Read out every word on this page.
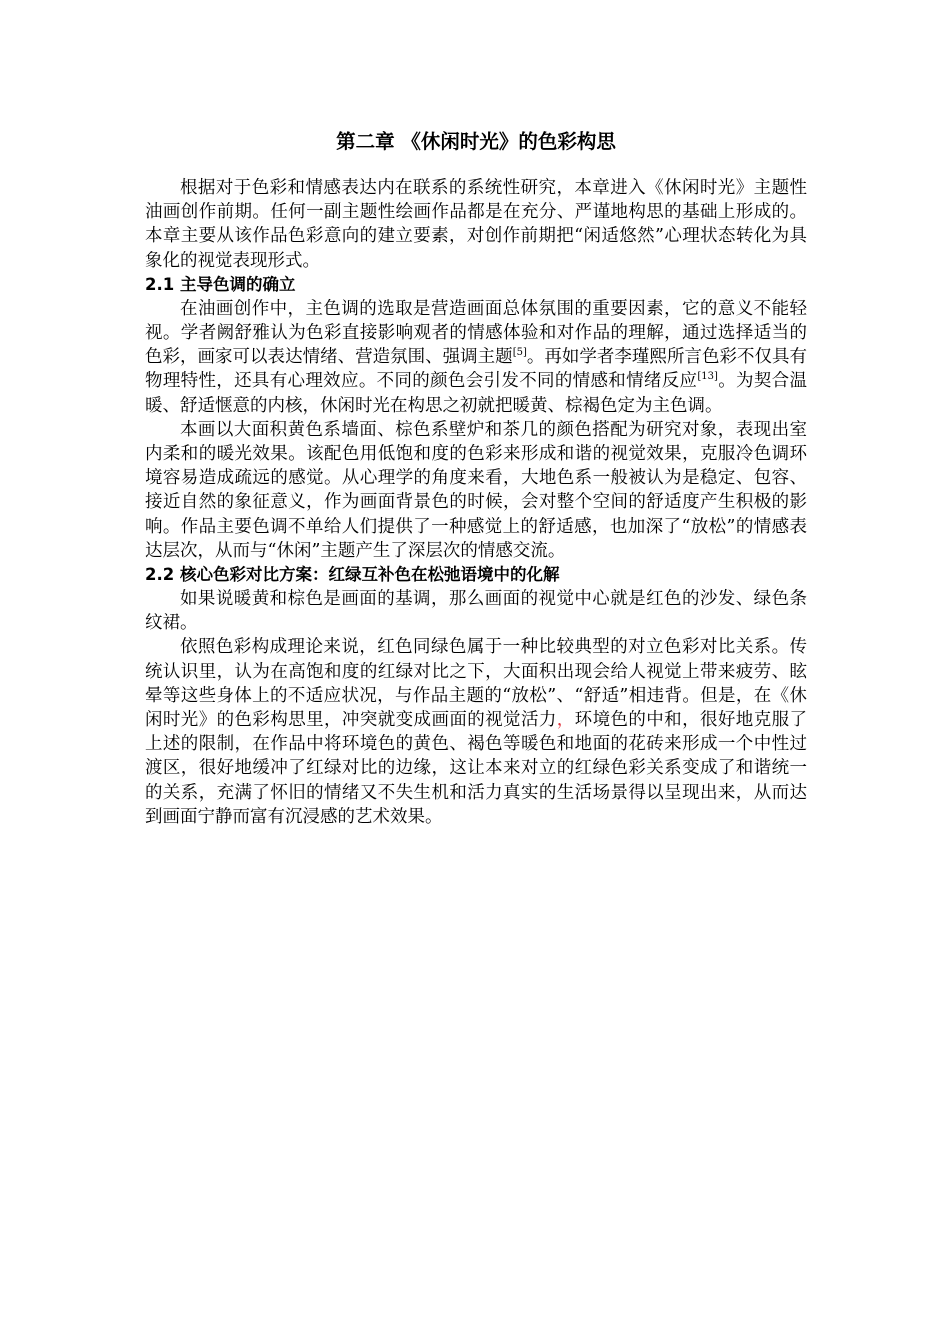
第二章 《休闲时光》的色彩构思

根据对于色彩和情感表达内在联系的系统性研究，本章进入《休闲时光》主题性油画创作前期。任何一副主题性绘画作品都是在充分、严谨地构思的基础上形成的。本章主要从该作品色彩意向的建立要素，对创作前期把“闲适悠然”心理状态转化为具象化的视觉表现形式。

2.1 主导色调的确立

在油画创作中，主色调的选取是营造画面总体氛围的重要因素，它的意义不能轻视。学者阙舒雅认为色彩直接影响观者的情感体验和对作品的理解，通过选择适当的色彩，画家可以表达情绪、营造氛围、强调主题[5]。再如学者李瑾熙所言色彩不仅具有物理特性，还具有心理效应。不同的颜色会引发不同的情感和情绪反应[13]。为契合温暖、舒适惬意的内核，休闲时光在构思之初就把暖黄、棕褐色定为主色调。

本画以大面积黄色系墙面、棕色系壁炉和茶几的颜色搭配为研究对象，表现出室内柔和的暖光效果。该配色用低饱和度的色彩来形成和谐的视觉效果，克服冷色调环境容易造成疏远的感觉。从心理学的角度来看，大地色系一般被认为是稳定、包容、接近自然的象征意义，作为画面背景色的时候，会对整个空间的舒适度产生积极的影响。作品主要色调不单给人们提供了一种感觉上的舒适感，也加深了“放松”的情感表达层次，从而与“休闲”主题产生了深层次的情感交流。

2.2 核心色彩对比方案：红绿互补色在松弛语境中的化解

如果说暖黄和棕色是画面的基调，那么画面的视觉中心就是红色的沙发、绿色条纹裙。

依照色彩构成理论来说，红色同绿色属于一种比较典型的对立色彩对比关系。传统认识里，认为在高饱和度的红绿对比之下，大面积出现会给人视觉上带来疲劳、眩晕等这些身体上的不适应状况，与作品主题的“放松”、“舒适”相违背。但是，在《休闲时光》的色彩构思里，冲突就变成画面的视觉活力，环境色的中和，很好地克服了上述的限制，在作品中将环境色的黄色、褐色等暖色和地面的花砖来形成一个中性过渡区，很好地缓冲了红绿对比的边缘，这让本来对立的红绿色彩关系变成了和谐统一的关系，充满了怀旧的情绪又不失生机和活力真实的生活场景得以呈现出来，从而达到画面宁静而富有沉浸感的艺术效果。
